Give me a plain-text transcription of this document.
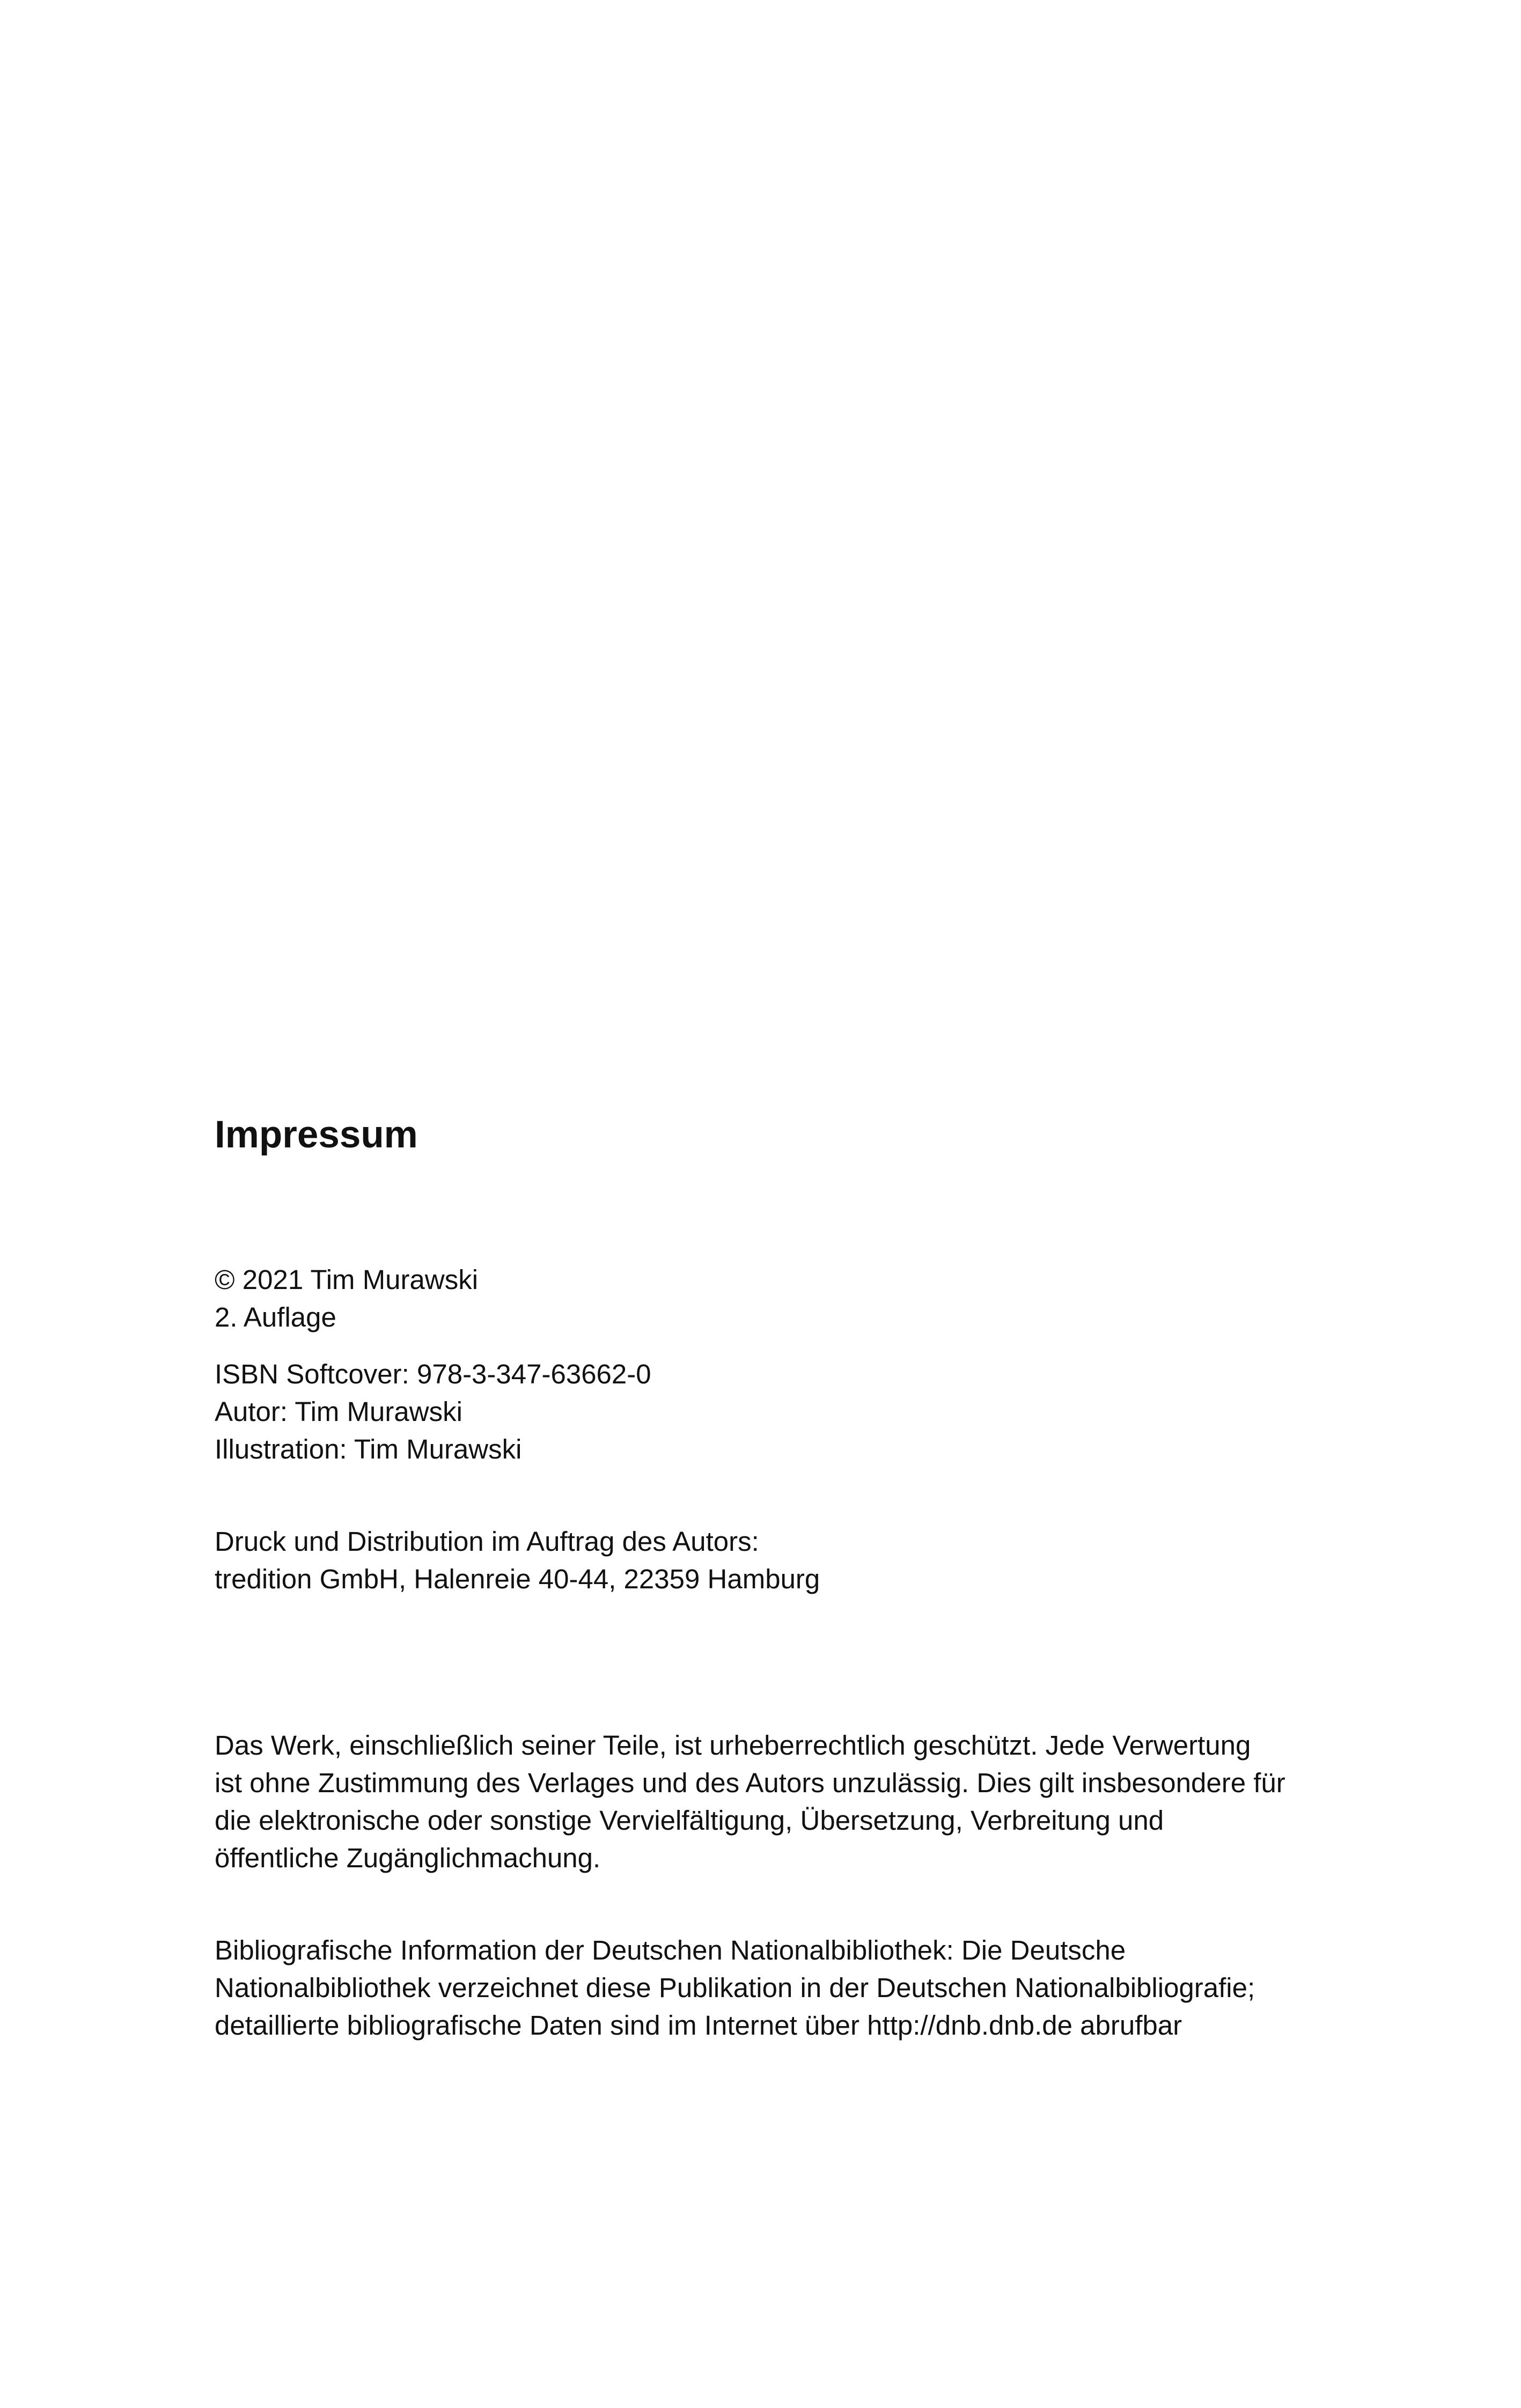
Impressum
© 2021 Tim Murawski
2. Auflage
ISBN Softcover: 978-3-347-63662-0
Autor: Tim Murawski
Illustration: Tim Murawski
Druck und Distribution im Auftrag des Autors:
tredition GmbH, Halenreie 40-44, 22359 Hamburg
Das Werk, einschließlich seiner Teile, ist urheberrechtlich geschützt. Jede Verwertung
ist ohne Zustimmung des Verlages und des Autors unzulässig. Dies gilt insbesondere für
die elektronische oder sonstige Vervielfältigung, Übersetzung, Verbreitung und
öffentliche Zugänglichmachung.
Bibliografische Information der Deutschen Nationalbibliothek: Die Deutsche
Nationalbibliothek verzeichnet diese Publikation in der Deutschen Nationalbibliografie;
detaillierte bibliografische Daten sind im Internet über http://dnb.dnb.de abrufbar
